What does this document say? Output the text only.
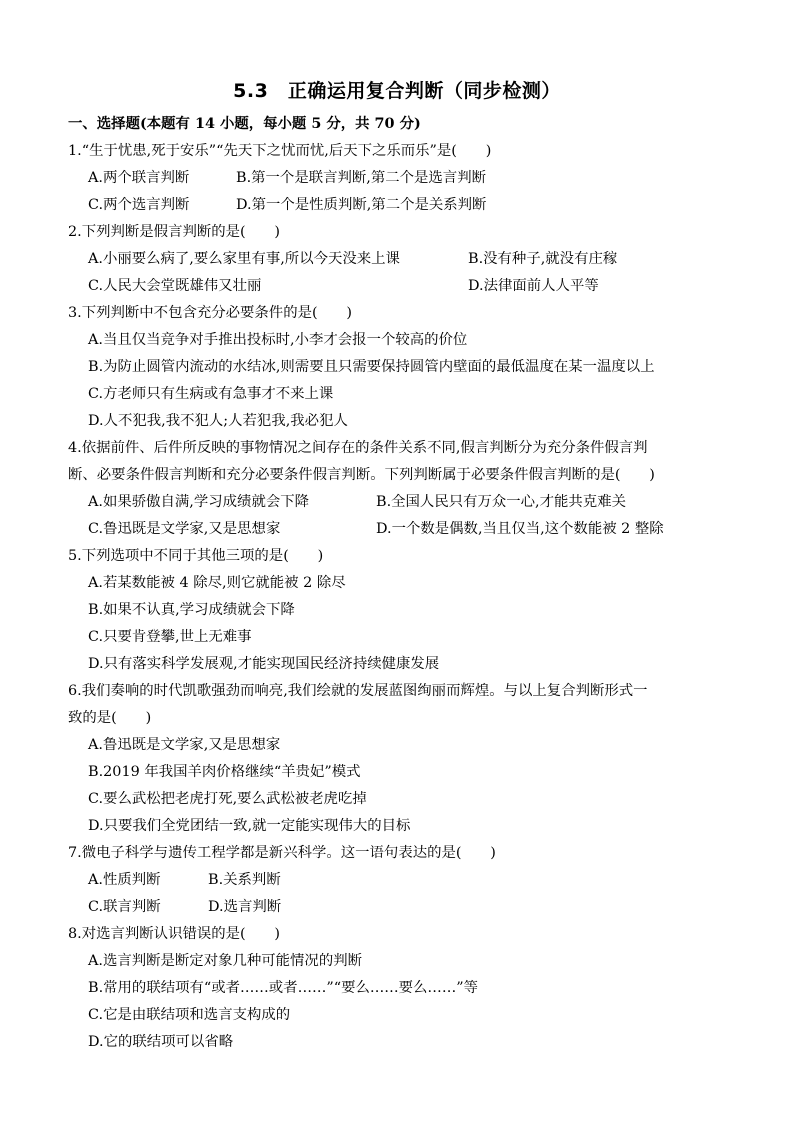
5.3　正确运用复合判断（同步检测）
一、选择题(本题有 14 小题，每小题 5 分，共 70 分)
1.“生于忧患,死于安乐”“先天下之忧而忧,后天下之乐而乐”是(　　)
A.两个联言判断	B.第一个是联言判断,第二个是选言判断
C.两个选言判断	D.第一个是性质判断,第二个是关系判断
2.下列判断是假言判断的是(　　)
A.小丽要么病了,要么家里有事,所以今天没来上课	B.没有种子,就没有庄稼
C.人民大会堂既雄伟又壮丽	D.法律面前人人平等
3.下列判断中不包含充分必要条件的是(　　)
A.当且仅当竞争对手推出投标时,小李才会报一个较高的价位
B.为防止圆管内流动的水结冰,则需要且只需要保持圆管内壁面的最低温度在某一温度以上
C.方老师只有生病或有急事才不来上课
D.人不犯我,我不犯人;人若犯我,我必犯人
4.依据前件、后件所反映的事物情况之间存在的条件关系不同,假言判断分为充分条件假言判
断、必要条件假言判断和充分必要条件假言判断。下列判断属于必要条件假言判断的是(　　)
A.如果骄傲自满,学习成绩就会下降	B.全国人民只有万众一心,才能共克难关
C.鲁迅既是文学家,又是思想家	D.一个数是偶数,当且仅当,这个数能被 2 整除
5.下列选项中不同于其他三项的是(　　)
A.若某数能被 4 除尽,则它就能被 2 除尽
B.如果不认真,学习成绩就会下降
C.只要肯登攀,世上无难事
D.只有落实科学发展观,才能实现国民经济持续健康发展
6.我们奏响的时代凯歌强劲而响亮,我们绘就的发展蓝图绚丽而辉煌。与以上复合判断形式一
致的是(　　)
A.鲁迅既是文学家,又是思想家
B.2019 年我国羊肉价格继续“羊贵妃”模式
C.要么武松把老虎打死,要么武松被老虎吃掉
D.只要我们全党团结一致,就一定能实现伟大的目标
7.微电子科学与遗传工程学都是新兴科学。这一语句表达的是(　　)
A.性质判断	B.关系判断
C.联言判断	D.选言判断
8.对选言判断认识错误的是(　　)
A.选言判断是断定对象几种可能情况的判断
B.常用的联结项有“或者……或者……”“要么……要么……”等
C.它是由联结项和选言支构成的
D.它的联结项可以省略
